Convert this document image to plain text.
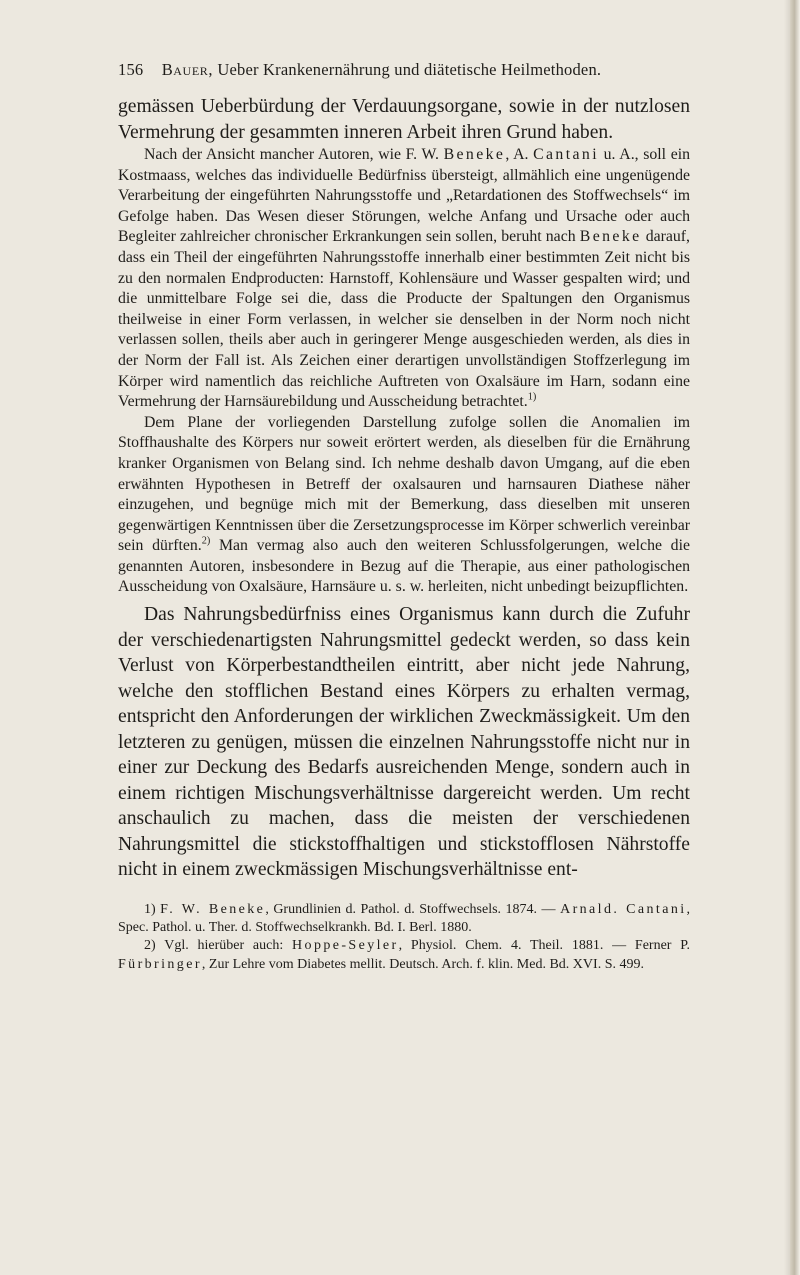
156 Bauer, Ueber Krankenernährung und diätetische Heilmethoden.

gemässen Ueberbürdung der Verdauungsorgane, sowie in der nutzlosen Vermehrung der gesammten inneren Arbeit ihren Grund haben.

Nach der Ansicht mancher Autoren, wie F. W. Beneke, A. Cantani u. A., soll ein Kostmaass, welches das individuelle Bedürfniss übersteigt, allmählich eine ungenügende Verarbeitung der eingeführten Nahrungsstoffe und „Retardationen des Stoffwechsels“ im Gefolge haben. Das Wesen dieser Störungen, welche Anfang und Ursache oder auch Begleiter zahlreicher chronischer Erkrankungen sein sollen, beruht nach Beneke darauf, dass ein Theil der eingeführten Nahrungsstoffe innerhalb einer bestimmten Zeit nicht bis zu den normalen Endproducten: Harnstoff, Kohlensäure und Wasser gespalten wird; und die unmittelbare Folge sei die, dass die Producte der Spaltungen den Organismus theilweise in einer Form verlassen, in welcher sie denselben in der Norm noch nicht verlassen sollen, theils aber auch in geringerer Menge ausgeschieden werden, als dies in der Norm der Fall ist. Als Zeichen einer derartigen unvollständigen Stoffzerlegung im Körper wird namentlich das reichliche Auftreten von Oxalsäure im Harn, sodann eine Vermehrung der Harnsäurebildung und Ausscheidung betrachtet.$^{1)}$

Dem Plane der vorliegenden Darstellung zufolge sollen die Anomalien im Stoffhaushalte des Körpers nur soweit erörtert werden, als dieselben für die Ernährung kranker Organismen von Belang sind. Ich nehme deshalb davon Umgang, auf die eben erwähnten Hypothesen in Betreff der oxalsauren und harnsauren Diathese näher einzugehen, und begnüge mich mit der Bemerkung, dass dieselben mit unseren gegenwärtigen Kenntnissen über die Zersetzungsprocesse im Körper schwerlich vereinbar sein dürften.$^{2)}$ Man vermag also auch den weiteren Schlussfolgerungen, welche die genannten Autoren, insbesondere in Bezug auf die Therapie, aus einer pathologischen Ausscheidung von Oxalsäure, Harnsäure u. s. w. herleiten, nicht unbedingt beizupflichten.

Das Nahrungsbedürfniss eines Organismus kann durch die Zufuhr der verschiedenartigsten Nahrungsmittel gedeckt werden, so dass kein Verlust von Körperbestandtheilen eintritt, aber nicht jede Nahrung, welche den stofflichen Bestand eines Körpers zu erhalten vermag, entspricht den Anforderungen der wirklichen Zweckmässigkeit. Um den letzteren zu genügen, müssen die einzelnen Nahrungsstoffe nicht nur in einer zur Deckung des Bedarfs ausreichenden Menge, sondern auch in einem richtigen Mischungsverhältnisse dargereicht werden. Um recht anschaulich zu machen, dass die meisten der verschiedenen Nahrungsmittel die stickstoffhaltigen und stickstofflosen Nährstoffe nicht in einem zweckmässigen Mischungsverhältnisse ent-

1) F. W. Beneke, Grundlinien d. Pathol. d. Stoffwechsels. 1874. — Arnald. Cantani, Spec. Pathol. u. Ther. d. Stoffwechselkrankh. Bd. I. Berl. 1880.

2) Vgl. hierüber auch: Hoppe-Seyler, Physiol. Chem. 4. Theil. 1881. — Ferner P. Fürbringer, Zur Lehre vom Diabetes mellit. Deutsch. Arch. f. klin. Med. Bd. XVI. S. 499.
